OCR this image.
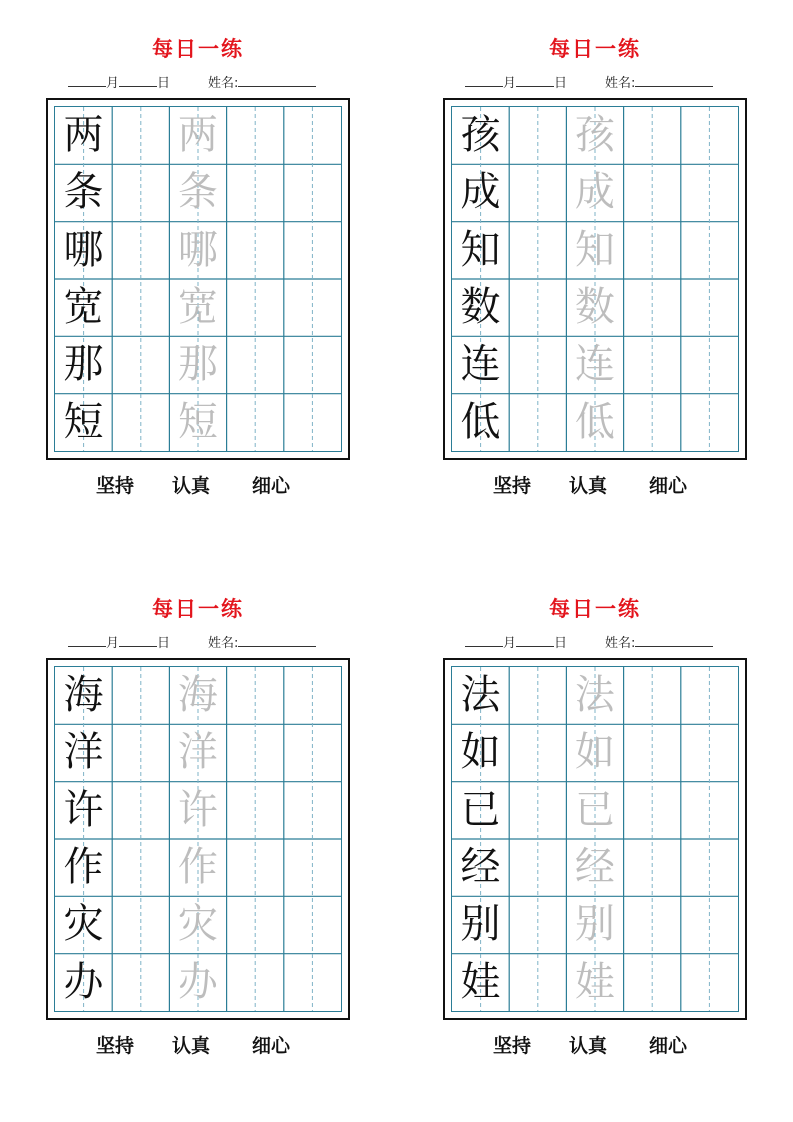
每日一练
月	日	姓名:
两 两
条 条
哪 哪
宽 宽
那 那
短 短
坚持 认真 细心
每日一练
月	日	姓名:
孩 孩
成 成
知 知
数 数
连 连
低 低
坚持 认真 细心
每日一练
月	日	姓名:
海 海
洋 洋
许 许
作 作
灾 灾
办 办
坚持 认真 细心
每日一练
月	日	姓名:
法 法
如 如
已 已
经 经
别 别
娃 娃
坚持 认真 细心
